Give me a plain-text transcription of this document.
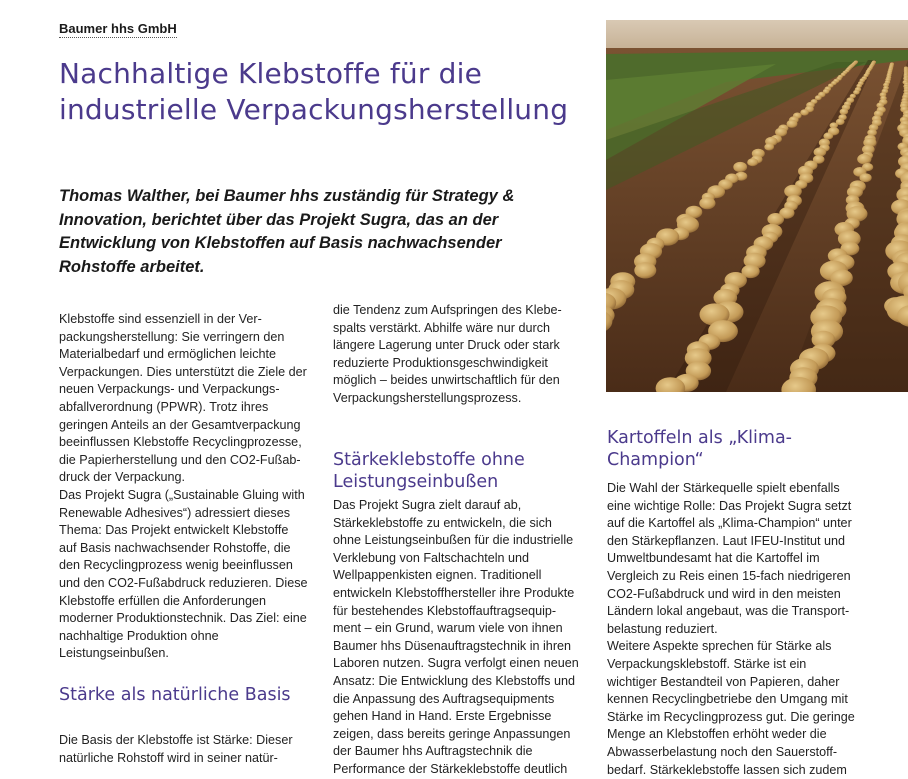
Baumer hhs GmbH
Nachhaltige Klebstoffe für die industrielle Verpackungsherstellung

Thomas Walther, bei Baumer hhs zuständig für Strategy & Innovation, berichtet über das Projekt Sugra, das an der Entwicklung von Klebstoffen auf Basis nachwachsender Rohstoffe arbeitet.

Klebstoffe sind essenziell in der Ver-packungsherstellung: Sie verringern den Materialbedarf und ermöglichen leichte Verpackungen. Dies unterstützt die Ziele der neuen Verpackungs- und Verpackungs-abfallverordnung (PPWR). Trotz ihres geringen Anteils an der Gesamtverpackung beeinflussen Klebstoffe Recyclingprozesse, die Papierherstellung und den CO2-Fußab-druck der Verpackung.

Das Projekt Sugra („Sustainable Gluing with Renewable Adhesives“) adressiert dieses Thema: Das Projekt entwickelt Klebstoffe auf Basis nachwachsender Rohstoffe, die den Recyclingprozess wenig beeinflussen und den CO2-Fußabdruck reduzieren. Diese Klebstoffe erfüllen die Anforderungen moderner Produktionstechnik. Das Ziel: eine nachhaltige Produktion ohne Leistungseinbußen.

Stärke als natürliche Basis

Die Basis der Klebstoffe ist Stärke: Dieser natürliche Rohstoff wird in seiner natür-

die Tendenz zum Aufspringen des Klebe-spalts verstärkt. Abhilfe wäre nur durch längere Lagerung unter Druck oder stark reduzierte Produktionsgeschwindigkeit möglich – beides unwirtschaftlich für den Verpackungsherstellungsprozess.

Stärkeklebstoffe ohne Leistungseinbußen

Das Projekt Sugra zielt darauf ab, Stärkeklebstoffe zu entwickeln, die sich ohne Leistungseinbußen für die industrielle Verklebung von Faltschachteln und Wellpappenkisten eignen. Traditionell entwickeln Klebstoffhersteller ihre Produkte für bestehendes Klebstoffauftragsequip-ment – ein Grund, warum viele von ihnen Baumer hhs Düsenauftragstechnik in ihren Laboren nutzen. Sugra verfolgt einen neuen Ansatz: Die Entwicklung des Klebstoffs und die Anpassung des Auftragsequipments gehen Hand in Hand. Erste Ergebnisse zeigen, dass bereits geringe Anpassungen der Baumer hhs Auftragstechnik die Performance der Stärkeklebstoffe deutlich

Kartoffeln als „Klima-Champion“

Die Wahl der Stärkequelle spielt ebenfalls eine wichtige Rolle: Das Projekt Sugra setzt auf die Kartoffel als „Klima-Champion“ unter den Stärkepflanzen. Laut IFEU-Institut und Umweltbundesamt hat die Kartoffel im Vergleich zu Reis einen 15-fach niedrigeren CO2-Fußabdruck und wird in den meisten Ländern lokal angebaut, was die Transport-belastung reduziert.

Weitere Aspekte sprechen für Stärke als Verpackungsklebstoff. Stärke ist ein wichtiger Bestandteil von Papieren, daher kennen Recyclingbetriebe den Umgang mit Stärke im Recyclingprozess gut. Die geringe Menge an Klebstoffen erhöht weder die Abwasserbelastung noch den Sauerstoff-bedarf. Stärkeklebstoffe lassen sich zudem
